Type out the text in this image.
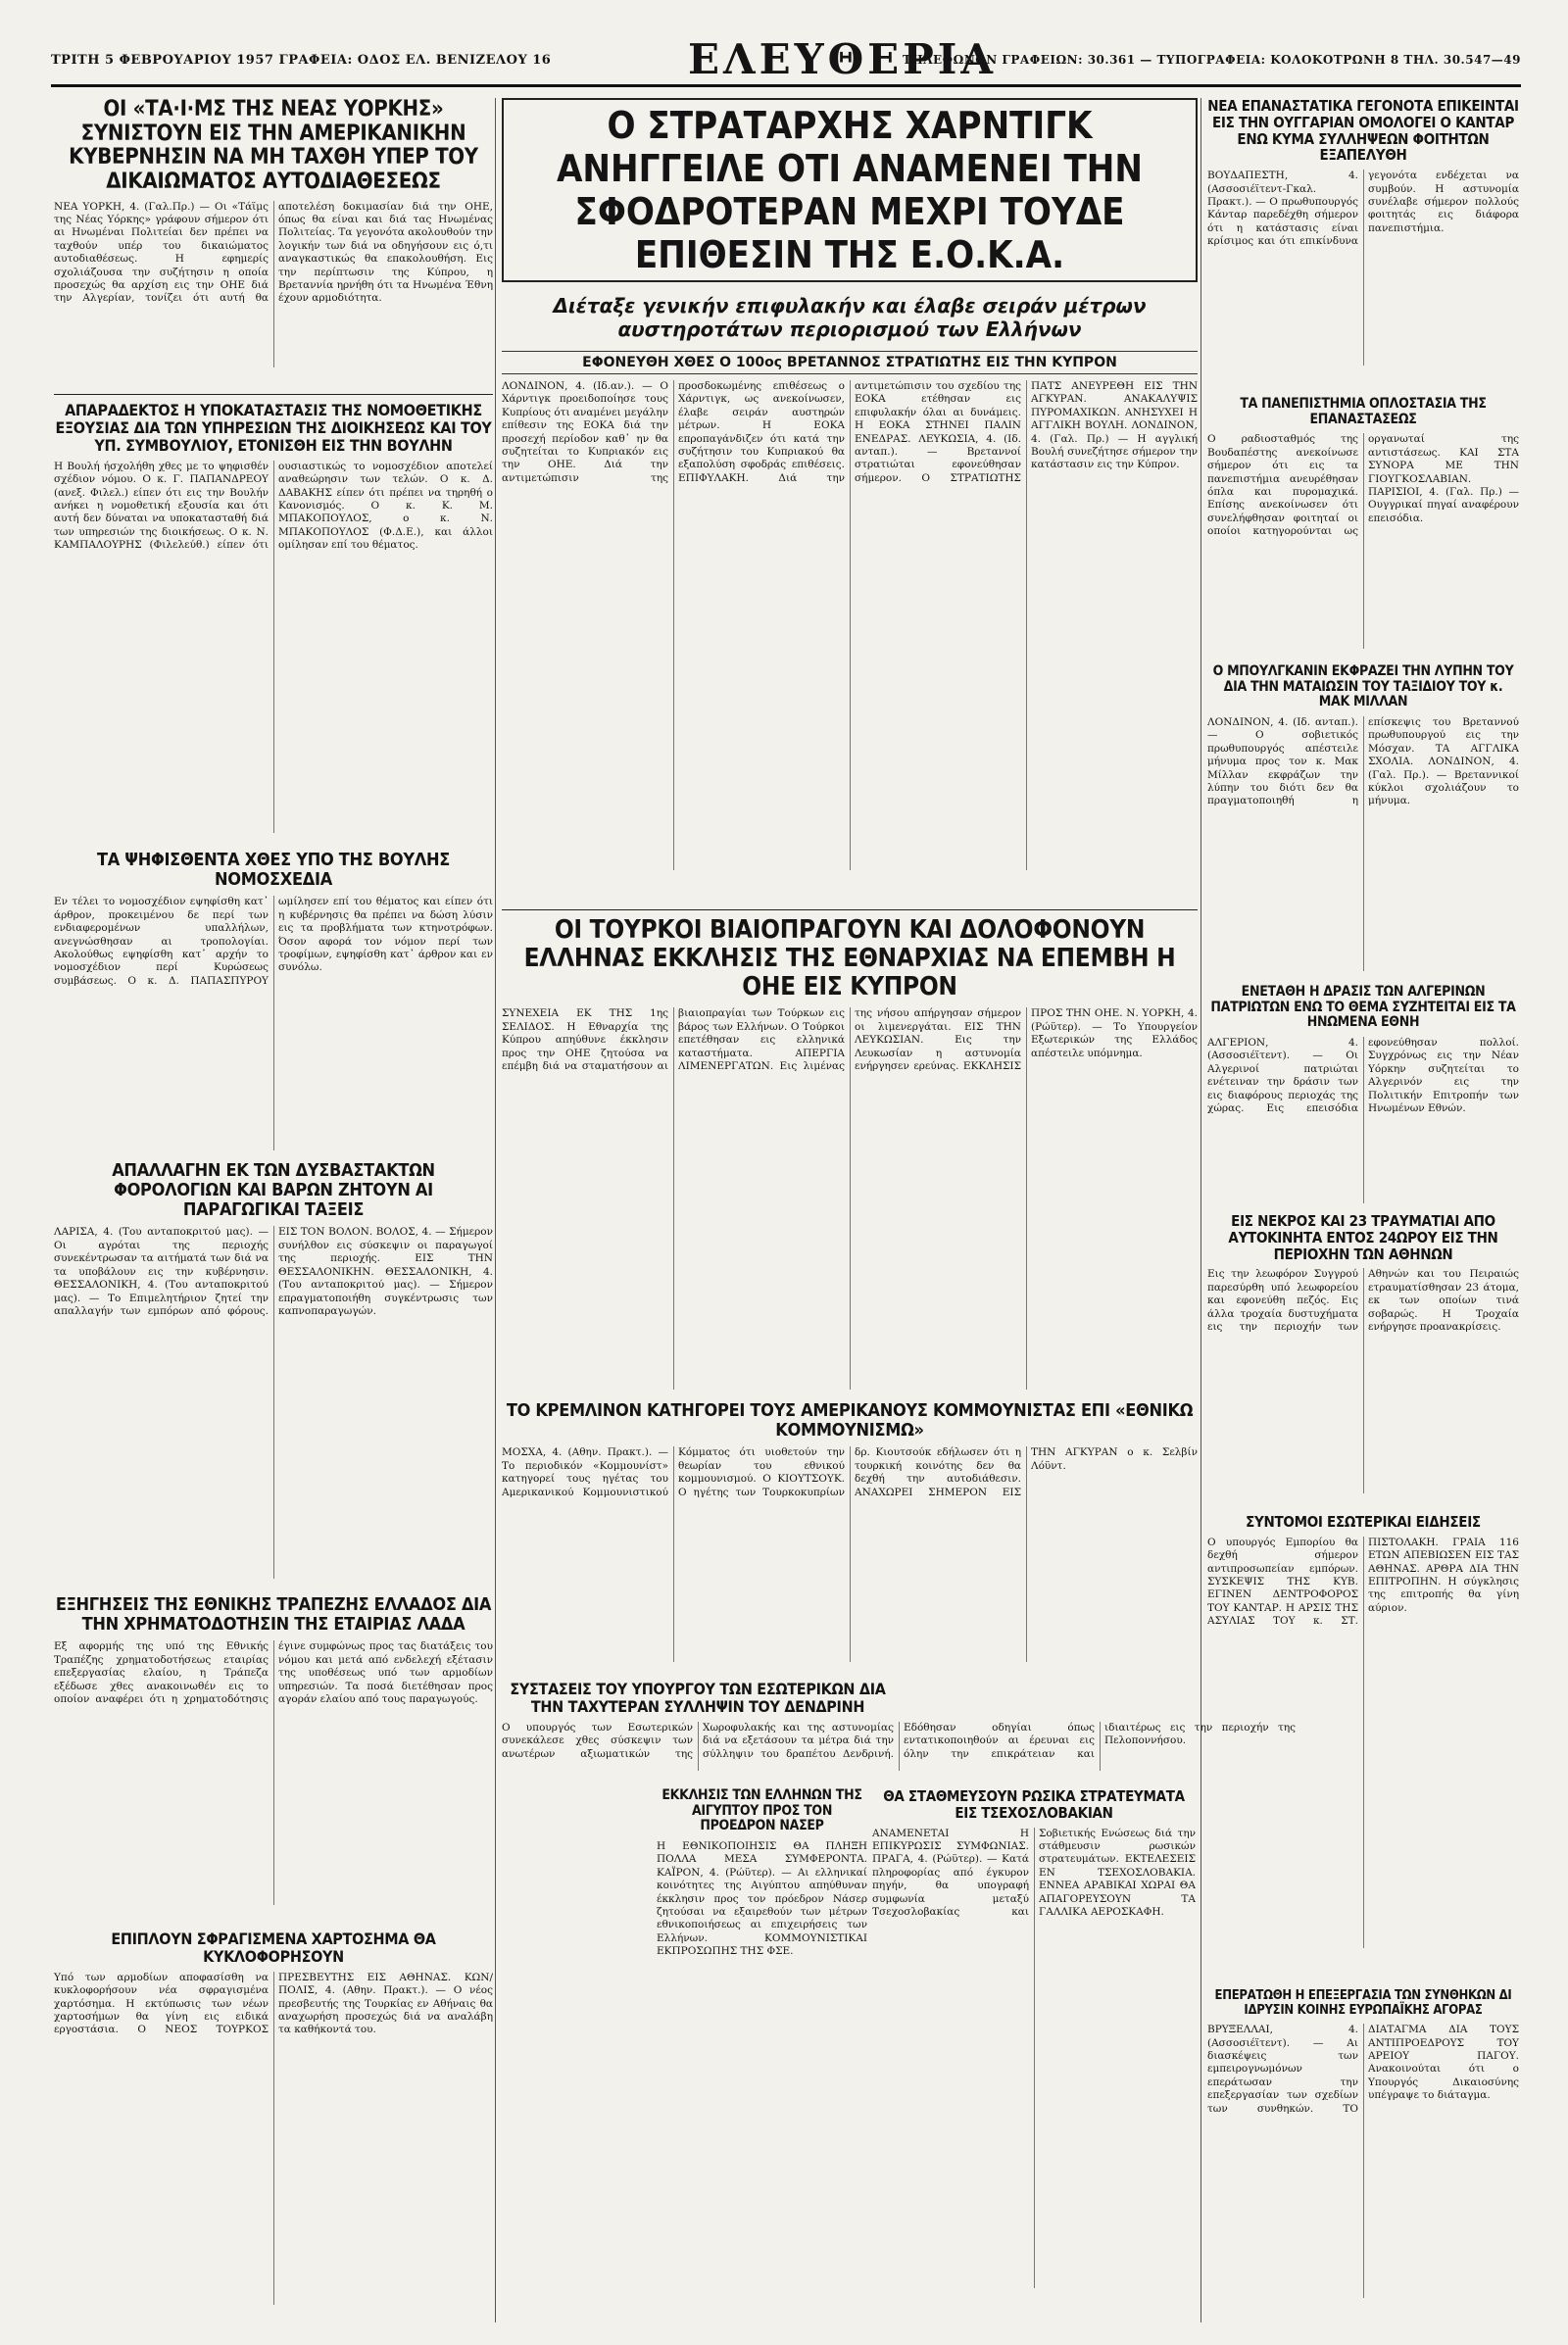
ΤΡΙΤΗ 5 ΦΕΒΡΟΥΑΡΙΟΥ 1957 ΓΡΑΦΕΙΑ: ΟΔΟΣ ΕΛ. ΒΕΝΙΖΕΛΟΥ 16	ΕΛΕΥΘΕΡΙΑ
ΤΗΛΕΦΩΝΟΝ ΓΡΑΦΕΙΩΝ: 30.361 — ΤΥΠΟΓΡΑΦΕΙΑ: ΚΟΛΟΚΟΤΡΩΝΗ 8 ΤΗΛ. 30.547—49
ΟΙ «ΤΑ·Ι·ΜΣ ΤΗΣ ΝΕΑΣ ΥΟΡΚΗΣ» ΣΥΝΙΣΤΟΥΝ ΕΙΣ ΤΗΝ ΑΜΕΡΙΚΑΝΙΚΗΝ ΚΥΒΕΡΝΗΣΙΝ ΝΑ ΜΗ ΤΑΧΘΗ ΥΠΕΡ ΤΟΥ ΔΙΚΑΙΩΜΑΤΟΣ ΑΥΤΟΔΙΑΘΕΣΕΩΣ
ΝΕΑ ΥΟΡΚΗ, 4. (Γαλ.Πρ.) — Οι «Τάϊμς της Νέας Υόρκης» γράφουν σήμερον ότι αι Ηνωμέναι Πολιτείαι δεν πρέπει να ταχθούν υπέρ του δικαιώματος αυτοδιαθέσεως. Η εφημερίς σχολιάζουσα την συζήτησιν η οποία προσεχώς θα αρχίση εις την ΟΗΕ διά την Αλγερίαν, τονίζει ότι αυτή θα αποτελέση δοκιμασίαν διά την ΟΗΕ, όπως θα είναι και διά τας Ηνωμένας Πολιτείας. Τα γεγονότα ακολουθούν την λογικήν των διά να οδηγήσουν εις ό,τι αναγκαστικώς θα επακολουθήση. Εις την περίπτωσιν της Κύπρου, η Βρεταννία ηρνήθη ότι τα Ηνωμένα Έθνη έχουν αρμοδιότητα.
ΑΠΑΡΑΔΕΚΤΟΣ Η ΥΠΟΚΑΤΑΣΤΑΣΙΣ ΤΗΣ ΝΟΜΟΘΕΤΙΚΗΣ ΕΞΟΥΣΙΑΣ ΔΙΑ ΤΩΝ ΥΠΗΡΕΣΙΩΝ ΤΗΣ ΔΙΟΙΚΗΣΕΩΣ ΚΑΙ ΤΟΥ ΥΠ. ΣΥΜΒΟΥΛΙΟΥ, ΕΤΟΝΙΣΘΗ ΕΙΣ ΤΗΝ ΒΟΥΛΗΝ
Η Βουλή ήσχολήθη χθες με το ψηφισθέν σχέδιον νόμου. Ο κ. Γ. ΠΑΠΑΝΔΡΕΟΥ (ανεξ. Φιλελ.) είπεν ότι εις την Βουλήν ανήκει η νομοθετική εξουσία και ότι αυτή δεν δύναται να υποκατασταθή διά των υπηρεσιών της διοικήσεως. Ο κ. Ν. ΚΑΜΠΑΛΟΥΡΗΣ (Φιλελεύθ.) είπεν ότι ουσιαστικώς το νομοσχέδιον αποτελεί αναθεώρησιν των τελών. Ο κ. Δ. ΔΑΒΑΚΗΣ είπεν ότι πρέπει να τηρηθή ο Κανονισμός. Ο κ. Κ. Μ. ΜΠΑΚΟΠΟΥΛΟΣ, ο κ. Ν. ΜΠΑΚΟΠΟΥΛΟΣ (Φ.Δ.Ε.), και άλλοι ομίλησαν επί του θέματος.
ΤΑ ΨΗΦΙΣΘΕΝΤΑ ΧΘΕΣ ΥΠΟ ΤΗΣ ΒΟΥΛΗΣ ΝΟΜΟΣΧΕΔΙΑ
Εν τέλει το νομοσχέδιον εψηφίσθη κατ᾽ άρθρον, προκειμένου δε περί των ενδιαφερομένων υπαλλήλων, ανεγνώσθησαν αι τροπολογίαι. Ακολούθως εψηφίσθη κατ᾽ αρχήν το νομοσχέδιον περί Κυρώσεως συμβάσεως. Ο κ. Δ. ΠΑΠΑΣΠΥΡΟΥ ωμίλησεν επί του θέματος και είπεν ότι η κυβέρνησις θα πρέπει να δώση λύσιν εις τα προβλήματα των κτηνοτρόφων. Όσον αφορά τον νόμον περί των τροφίμων, εψηφίσθη κατ᾽ άρθρον και εν συνόλω.
ΑΠΑΛΛΑΓΗΝ ΕΚ ΤΩΝ ΔΥΣΒΑΣΤΑΚΤΩΝ ΦΟΡΟΛΟΓΙΩΝ ΚΑΙ ΒΑΡΩΝ ΖΗΤΟΥΝ ΑΙ ΠΑΡΑΓΩΓΙΚΑΙ ΤΑΞΕΙΣ
ΛΑΡΙΣΑ, 4. (Του ανταποκριτού μας). — Οι αγρόται της περιοχής συνεκέντρωσαν τα αιτήματά των διά να τα υποβάλουν εις την κυβέρνησιν. ΘΕΣΣΑΛΟΝΙΚΗ, 4. (Του ανταποκριτού μας). — Το Επιμελητήριον ζητεί την απαλλαγήν των εμπόρων από φόρους. ΕΙΣ ΤΟΝ ΒΟΛΟΝ. ΒΟΛΟΣ, 4. — Σήμερον συνήλθον εις σύσκεψιν οι παραγωγοί της περιοχής. ΕΙΣ ΤΗΝ ΘΕΣΣΑΛΟΝΙΚΗΝ. ΘΕΣΣΑΛΟΝΙΚΗ, 4. (Του ανταποκριτού μας). — Σήμερον επραγματοποιήθη συγκέντρωσις των καπνοπαραγωγών.
ΕΞΗΓΗΣΕΙΣ ΤΗΣ ΕΘΝΙΚΗΣ ΤΡΑΠΕΖΗΣ ΕΛΛΑΔΟΣ ΔΙΑ ΤΗΝ ΧΡΗΜΑΤΟΔΟΤΗΣΙΝ ΤΗΣ ΕΤΑΙΡΙΑΣ ΛΑΔΑ
Εξ αφορμής της υπό της Εθνικής Τραπέζης χρηματοδοτήσεως εταιρίας επεξεργασίας ελαίου, η Τράπεζα εξέδωσε χθες ανακοινωθέν εις το οποίον αναφέρει ότι η χρηματοδότησις έγινε συμφώνως προς τας διατάξεις του νόμου και μετά από ενδελεχή εξέτασιν της υποθέσεως υπό των αρμοδίων υπηρεσιών. Τα ποσά διετέθησαν προς αγοράν ελαίου από τους παραγωγούς.
ΕΠΙΠΛΟΥΝ ΣΦΡΑΓΙΣΜΕΝΑ ΧΑΡΤΟΣΗΜΑ ΘΑ ΚΥΚΛΟΦΟΡΗΣΟΥΝ
Υπό των αρμοδίων αποφασίσθη να κυκλοφορήσουν νέα σφραγισμένα χαρτόσημα. Η εκτύπωσις των νέων χαρτοσήμων θα γίνη εις ειδικά εργοστάσια. Ο ΝΕΟΣ ΤΟΥΡΚΟΣ ΠΡΕΣΒΕΥΤΗΣ ΕΙΣ ΑΘΗΝΑΣ. ΚΩΝ/ΠΟΛΙΣ, 4. (Αθην. Πρακτ.). — Ο νέος πρεσβευτής της Τουρκίας εν Αθήναις θα αναχωρήση προσεχώς διά να αναλάβη τα καθήκοντά του.
Ο ΣΤΡΑΤΑΡΧΗΣ ΧΑΡΝΤΙΓΚ ΑΝΗΓΓΕΙΛΕ ΟΤΙ ΑΝΑΜΕΝΕΙ ΤΗΝ ΣΦΟΔΡΟΤΕΡΑΝ ΜΕΧΡΙ ΤΟΥΔΕ ΕΠΙΘΕΣΙΝ ΤΗΣ Ε.Ο.Κ.Α.
Διέταξε γενικήν επιφυλακήν και έλαβε σειράν μέτρων αυστηροτάτων περιορισμού των Ελλήνων
ΕΦΟΝΕΥΘΗ ΧΘΕΣ Ο 100ος ΒΡΕΤΑΝΝΟΣ ΣΤΡΑΤΙΩΤΗΣ ΕΙΣ ΤΗΝ ΚΥΠΡΟΝ
ΛΟΝΔΙΝΟΝ, 4. (Ιδ.αν.). — Ο Χάρντιγκ προειδοποίησε τους Κυπρίους ότι αναμένει μεγάλην επίθεσιν της ΕΟΚΑ διά την προσεχή περίοδον καθ᾽ ην θα συζητείται το Κυπριακόν εις την ΟΗΕ. Διά την αντιμετώπισιν της προσδοκωμένης επιθέσεως ο Χάρντιγκ, ως ανεκοίνωσεν, έλαβε σειράν αυστηρών μέτρων. Η ΕΟΚΑ επροπαγάνδιζεν ότι κατά την συζήτησιν του Κυπριακού θα εξαπολύση σφοδράς επιθέσεις. ΕΠΙΦΥΛΑΚΗ. Διά την αντιμετώπισιν του σχεδίου της ΕΟΚΑ ετέθησαν εις επιφυλακήν όλαι αι δυνάμεις. Η ΕΟΚΑ ΣΤΗΝΕΙ ΠΑΛΙΝ ΕΝΕΔΡΑΣ. ΛΕΥΚΩΣΙΑ, 4. (Ιδ. ανταπ.). — Βρεταννοί στρατιώται εφονεύθησαν σήμερον. Ο ΣΤΡΑΤΙΩΤΗΣ ΠΑΤΣ ΑΝΕΥΡΕΘΗ ΕΙΣ ΤΗΝ ΑΓΚΥΡΑΝ. ΑΝΑΚΑΛΥΨΙΣ ΠΥΡΟΜΑΧΙΚΩΝ. ΑΝΗΣΥΧΕΙ Η ΑΓΓΛΙΚΗ ΒΟΥΛΗ. ΛΟΝΔΙΝΟΝ, 4. (Γαλ. Πρ.) — Η αγγλική Βουλή συνεζήτησε σήμερον την κατάστασιν εις την Κύπρον.
ΟΙ ΤΟΥΡΚΟΙ ΒΙΑΙΟΠΡΑΓΟΥΝ ΚΑΙ ΔΟΛΟΦΟΝΟΥΝ ΕΛΛΗΝΑΣ ΕΚΚΛΗΣΙΣ ΤΗΣ ΕΘΝΑΡΧΙΑΣ ΝΑ ΕΠΕΜΒΗ Η ΟΗΕ ΕΙΣ ΚΥΠΡΟΝ
ΣΥΝΕΧΕΙΑ ΕΚ ΤΗΣ 1ης ΣΕΛΙΔΟΣ. Η Εθναρχία της Κύπρου απηύθυνε έκκλησιν προς την ΟΗΕ ζητούσα να επέμβη διά να σταματήσουν αι βιαιοπραγίαι των Τούρκων εις βάρος των Ελλήνων. Ο Τούρκοι επετέθησαν εις ελληνικά καταστήματα. ΑΠΕΡΓΙΑ ΛΙΜΕΝΕΡΓΑΤΩΝ. Εις λιμένας της νήσου απήργησαν σήμερον οι λιμενεργάται. ΕΙΣ ΤΗΝ ΛΕΥΚΩΣΙΑΝ. Εις την Λευκωσίαν η αστυνομία ενήργησεν ερεύνας. ΕΚΚΛΗΣΙΣ ΠΡΟΣ ΤΗΝ ΟΗΕ. Ν. ΥΟΡΚΗ, 4. (Ρώϋτερ). — Το Υπουργείον Εξωτερικών της Ελλάδος απέστειλε υπόμνημα.
ΤΟ ΚΡΕΜΛΙΝΟΝ ΚΑΤΗΓΟΡΕΙ ΤΟΥΣ ΑΜΕΡΙΚΑΝΟΥΣ ΚΟΜΜΟΥΝΙΣΤΑΣ ΕΠΙ «ΕΘΝΙΚΩ ΚΟΜΜΟΥΝΙΣΜΩ»
ΜΟΣΧΑ, 4. (Αθην. Πρακτ.). — Το περιοδικόν «Κομμουνίστ» κατηγορεί τους ηγέτας του Αμερικανικού Κομμουνιστικού Κόμματος ότι υιοθετούν την θεωρίαν του εθνικού κομμουνισμού. Ο ΚΙΟΥΤΣΟΥΚ. Ο ηγέτης των Τουρκοκυπρίων δρ. Κιουτσούκ εδήλωσεν ότι η τουρκική κοινότης δεν θα δεχθή την αυτοδιάθεσιν. ΑΝΑΧΩΡΕΙ ΣΗΜΕΡΟΝ ΕΙΣ ΤΗΝ ΑΓΚΥΡΑΝ ο κ. Σελβίν Λόϋντ.
ΣΥΣΤΑΣΕΙΣ ΤΟΥ ΥΠΟΥΡΓΟΥ ΤΩΝ ΕΣΩΤΕΡΙΚΩΝ ΔΙΑ ΤΗΝ ΤΑΧΥΤΕΡΑΝ ΣΥΛΛΗΨΙΝ ΤΟΥ ΔΕΝΔΡΙΝΗ
Ο υπουργός των Εσωτερικών συνεκάλεσε χθες σύσκεψιν των ανωτέρων αξιωματικών της Χωροφυλακής και της αστυνομίας διά να εξετάσουν τα μέτρα διά την σύλληψιν του δραπέτου Δενδρινή. Εδόθησαν οδηγίαι όπως εντατικοποιηθούν αι έρευναι εις όλην την επικράτειαν και ιδιαιτέρως εις την περιοχήν της Πελοποννήσου.
ΕΚΚΛΗΣΙΣ ΤΩΝ ΕΛΛΗΝΩΝ ΤΗΣ ΑΙΓΥΠΤΟΥ ΠΡΟΣ ΤΟΝ ΠΡΟΕΔΡΟΝ ΝΑΣΕΡ
Η ΕΘΝΙΚΟΠΟΙΗΣΙΣ ΘΑ ΠΛΗΞΗ ΠΟΛΛΑ ΜΕΣΑ ΣΥΜΦΕΡΟΝΤΑ. ΚΑΪΡΟΝ, 4. (Ρώϋτερ). — Αι ελληνικαί κοινότητες της Αιγύπτου απηύθυναν έκκλησιν προς τον πρόεδρον Νάσερ ζητούσαι να εξαιρεθούν των μέτρων εθνικοποιήσεως αι επιχειρήσεις των Ελλήνων. ΚΟΜΜΟΥΝΙΣΤΙΚΑΙ ΕΚΠΡΟΣΩΠΗΣ ΤΗΣ ΦΣΕ.
ΘΑ ΣΤΑΘΜΕΥΣΟΥΝ ΡΩΣΙΚΑ ΣΤΡΑΤΕΥΜΑΤΑ ΕΙΣ ΤΣΕΧΟΣΛΟΒΑΚΙΑΝ
ΑΝΑΜΕΝΕΤΑΙ Η ΕΠΙΚΥΡΩΣΙΣ ΣΥΜΦΩΝΙΑΣ. ΠΡΑΓΑ, 4. (Ρώϋτερ). — Κατά πληροφορίας από έγκυρον πηγήν, θα υπογραφή συμφωνία μεταξύ Τσεχοσλοβακίας και Σοβιετικής Ενώσεως διά την στάθμευσιν ρωσικών στρατευμάτων. ΕΚΤΕΛΕΣΕΙΣ ΕΝ ΤΣΕΧΟΣΛΟΒΑΚΙΑ. ΕΝΝΕΑ ΑΡΑΒΙΚΑΙ ΧΩΡΑΙ ΘΑ ΑΠΑΓΟΡΕΥΣΟΥΝ ΤΑ ΓΑΛΛΙΚΑ ΑΕΡΟΣΚΑΦΗ.
ΝΕΑ ΕΠΑΝΑΣΤΑΤΙΚΑ ΓΕΓΟΝΟΤΑ ΕΠΙΚΕΙΝΤΑΙ ΕΙΣ ΤΗΝ ΟΥΓΓΑΡΙΑΝ ΟΜΟΛΟΓΕΙ Ο ΚΑΝΤΑΡ ΕΝΩ ΚΥΜΑ ΣΥΛΛΗΨΕΩΝ ΦΟΙΤΗΤΩΝ ΕΞΑΠΕΛΥΘΗ
ΒΟΥΔΑΠΕΣΤΗ, 4. (Ασσοσιέϊτεντ-Γκαλ. Πρακτ.). — Ο πρωθυπουργός Κάνταρ παρεδέχθη σήμερον ότι η κατάστασις είναι κρίσιμος και ότι επικίνδυνα γεγονότα ενδέχεται να συμβούν. Η αστυνομία συνέλαβε σήμερον πολλούς φοιτητάς εις διάφορα πανεπιστήμια.
ΤΑ ΠΑΝΕΠΙΣΤΗΜΙΑ ΟΠΛΟΣΤΑΣΙΑ ΤΗΣ ΕΠΑΝΑΣΤΑΣΕΩΣ
Ο ραδιοσταθμός της Βουδαπέστης ανεκοίνωσε σήμερον ότι εις τα πανεπιστήμια ανευρέθησαν όπλα και πυρομαχικά. Επίσης ανεκοίνωσεν ότι συνελήφθησαν φοιτηταί οι οποίοι κατηγορούνται ως οργανωταί της αντιστάσεως. ΚΑΙ ΣΤΑ ΣΥΝΟΡΑ ΜΕ ΤΗΝ ΓΙΟΥΓΚΟΣΛΑΒΙΑΝ. ΠΑΡΙΣΙΟΙ, 4. (Γαλ. Πρ.) — Ουγγρικαί πηγαί αναφέρουν επεισόδια.
Ο ΜΠΟΥΛΓΚΑΝΙΝ ΕΚΦΡΑΖΕΙ ΤΗΝ ΛΥΠΗΝ ΤΟΥ ΔΙΑ ΤΗΝ ΜΑΤΑΙΩΣΙΝ ΤΟΥ ΤΑΞΙΔΙΟΥ ΤΟΥ κ. ΜΑΚ ΜΙΛΛΑΝ
ΛΟΝΔΙΝΟΝ, 4. (Ιδ. ανταπ.). — Ο σοβιετικός πρωθυπουργός απέστειλε μήνυμα προς τον κ. Μακ Μίλλαν εκφράζων την λύπην του διότι δεν θα πραγματοποιηθή η επίσκεψις του Βρεταννού πρωθυπουργού εις την Μόσχαν. ΤΑ ΑΓΓΛΙΚΑ ΣΧΟΛΙΑ. ΛΟΝΔΙΝΟΝ, 4. (Γαλ. Πρ.). — Βρεταννικοί κύκλοι σχολιάζουν το μήνυμα.
ΕΝΕΤΑΘΗ Η ΔΡΑΣΙΣ ΤΩΝ ΑΛΓΕΡΙΝΩΝ ΠΑΤΡΙΩΤΩΝ ΕΝΩ ΤΟ ΘΕΜΑ ΣΥΖΗΤΕΙΤΑΙ ΕΙΣ ΤΑ ΗΝΩΜΕΝΑ ΕΘΝΗ
ΑΛΓΕΡΙΟΝ, 4. (Ασσοσιέϊτεντ). — Οι Αλγερινοί πατριώται ενέτειναν την δράσιν των εις διαφόρους περιοχάς της χώρας. Εις επεισόδια εφονεύθησαν πολλοί. Συγχρόνως εις την Νέαν Υόρκην συζητείται το Αλγερινόν εις την Πολιτικήν Επιτροπήν των Ηνωμένων Εθνών.
ΕΙΣ ΝΕΚΡΟΣ ΚΑΙ 23 ΤΡΑΥΜΑΤΙΑΙ ΑΠΟ ΑΥΤΟΚΙΝΗΤΑ ΕΝΤΟΣ 24ΩΡΟΥ ΕΙΣ ΤΗΝ ΠΕΡΙΟΧΗΝ ΤΩΝ ΑΘΗΝΩΝ
Εις την λεωφόρον Συγγρού παρεσύρθη υπό λεωφορείου και εφονεύθη πεζός. Εις άλλα τροχαία δυστυχήματα εις την περιοχήν των Αθηνών και του Πειραιώς ετραυματίσθησαν 23 άτομα, εκ των οποίων τινά σοβαρώς. Η Τροχαία ενήργησε προανακρίσεις.
ΣΥΝΤΟΜΟΙ ΕΣΩΤΕΡΙΚΑΙ ΕΙΔΗΣΕΙΣ
Ο υπουργός Εμπορίου θα δεχθή σήμερον αντιπροσωπείαν εμπόρων. ΣΥΣΚΕΨΙΣ ΤΗΣ ΚΥΒ. ΕΓΙΝΕΝ ΔΕΝΤΡΟΦΟΡΟΣ ΤΟΥ ΚΑΝΤΑΡ. Η ΑΡΣΙΣ ΤΗΣ ΑΣΥΛΙΑΣ ΤΟΥ κ. ΣΤ. ΠΙΣΤΟΛΑΚΗ. ΓΡΑΙΑ 116 ΕΤΩΝ ΑΠΕΒΙΩΣΕΝ ΕΙΣ ΤΑΣ ΑΘΗΝΑΣ. ΑΡΘΡΑ ΔΙΑ ΤΗΝ ΕΠΙΤΡΟΠΗΝ. Η σύγκλησις της επιτροπής θα γίνη αύριον.
ΕΠΕΡΑΤΩΘΗ Η ΕΠΕΞΕΡΓΑΣΙΑ ΤΩΝ ΣΥΝΘΗΚΩΝ ΔΙ ΙΔΡΥΣΙΝ ΚΟΙΝΗΣ ΕΥΡΩΠΑΪΚΗΣ ΑΓΟΡΑΣ
ΒΡΥΞΕΛΛΑΙ, 4. (Ασσοσιέϊτεντ). — Αι διασκέψεις των εμπειρογνωμόνων επεράτωσαν την επεξεργασίαν των σχεδίων των συνθηκών. ΤΟ ΔΙΑΤΑΓΜΑ ΔΙΑ ΤΟΥΣ ΑΝΤΙΠΡΟΕΔΡΟΥΣ ΤΟΥ ΑΡΕΙΟΥ ΠΑΓΟΥ. Ανακοινούται ότι ο Υπουργός Δικαιοσύνης υπέγραψε το διάταγμα.
